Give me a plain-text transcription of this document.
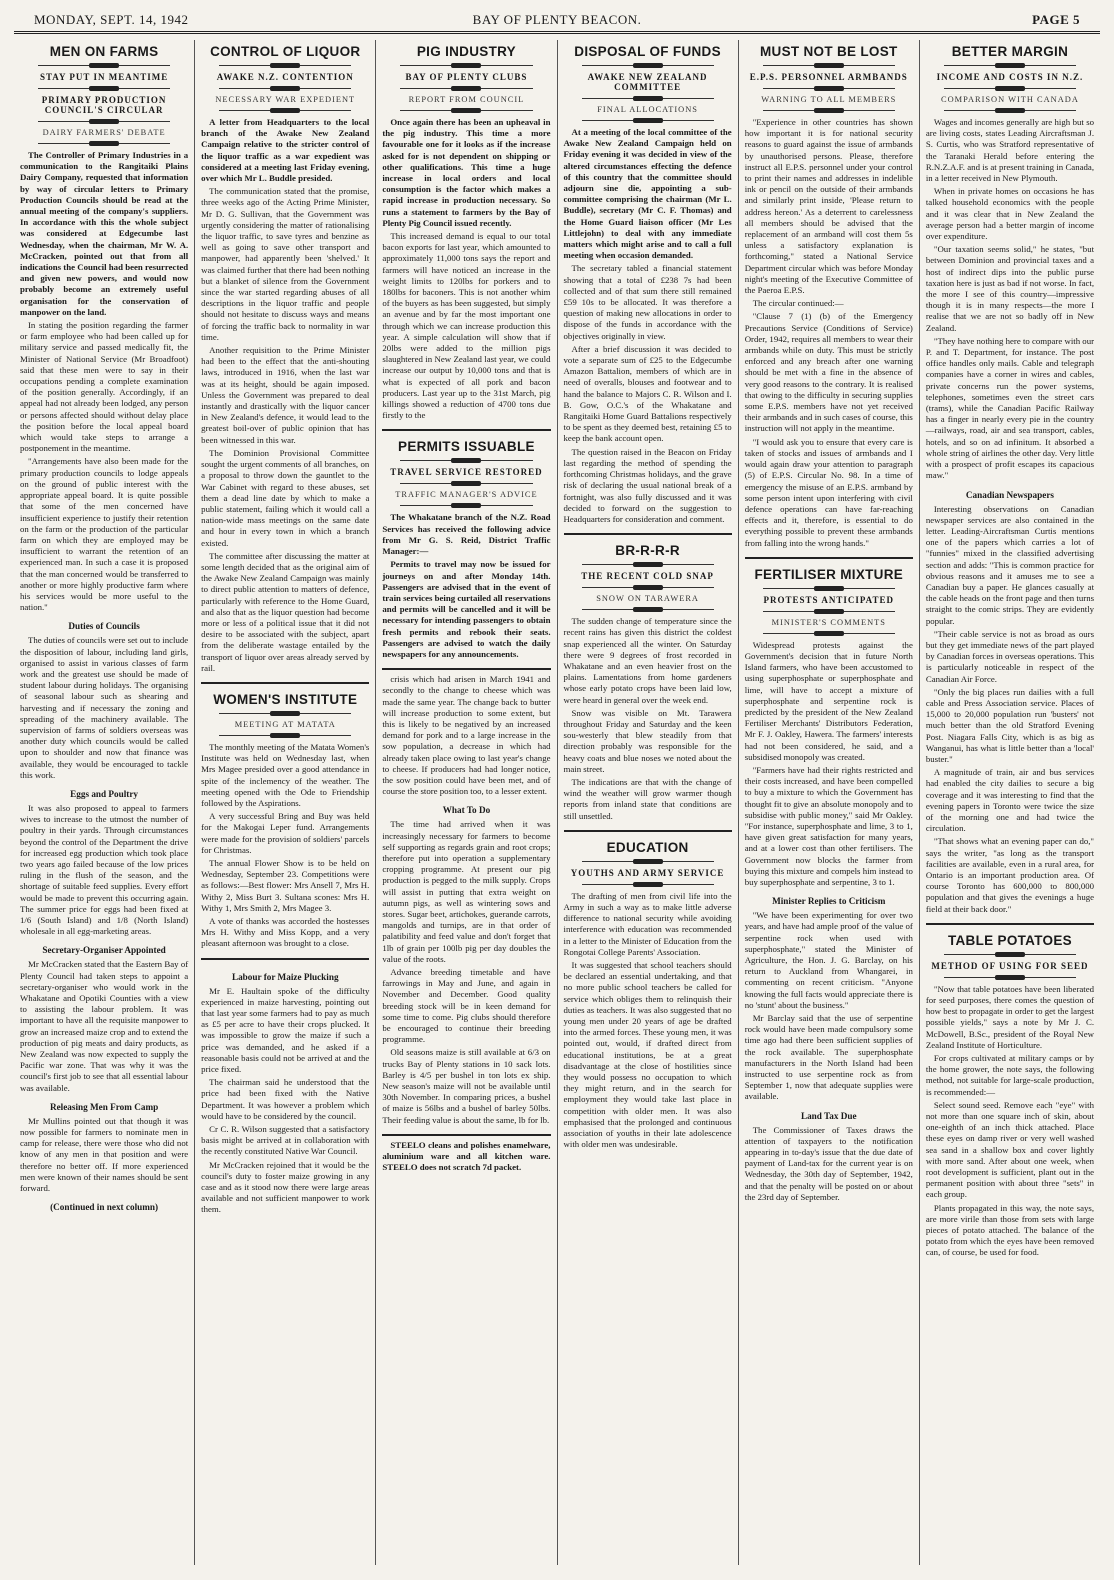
MONDAY, SEPT. 14, 1942	BAY OF PLENTY BEACON.	PAGE 5
MEN ON FARMS
STAY PUT IN MEANTIME
PRIMARY PRODUCTION COUNCIL'S CIRCULAR
DAIRY FARMERS' DEBATE

The Controller of Primary Industries in a communication to the Rangitaiki Plains Dairy Company, requested that information by way of circular letters to Primary Production Councils should be read at the annual meeting of the company's suppliers. In accordance with this the whole subject was considered at Edgecumbe last Wednesday, when the chairman, Mr W. A. McCracken, pointed out that from all indications the Council had been resurrected and given new powers, and would now probably become an extremely useful organisation for the conservation of manpower on the land.

In stating the position regarding the farmer or farm employee who had been called up for military service and passed medically fit, the Minister of National Service (Mr Broadfoot) said that these men were to say in their occupations pending a complete examination of the position generally. Accordingly, if an appeal had not already been lodged, any person or persons affected should without delay place the position before the local appeal board which would take steps to arrange a postponement in the meantime.

"Arrangements have also been made for the primary production councils to lodge appeals on the ground of public interest with the appropriate appeal board. It is quite possible that some of the men concerned have insufficient experience to justify their retention on the farm or the production of the particular farm on which they are employed may be insufficient to warrant the retention of an experienced man. In such a case it is proposed that the man concerned would be transferred to another or more highly productive farm where his services would be more useful to the nation."

Duties of Councils

The duties of councils were set out to include the disposition of labour, including land girls, organised to assist in various classes of farm work and the greatest use should be made of student labour during holidays. The organising of seasonal labour such as shearing and harvesting and if necessary the zoning and spreading of the machinery available. The supervision of farms of soldiers overseas was another duty which councils would be called upon to shoulder and now that finance was available, they would be encouraged to tackle this work.

Eggs and Poultry

It was also proposed to appeal to farmers wives to increase to the utmost the number of poultry in their yards. Through circumstances beyond the control of the Department the drive for increased egg production which took place two years ago failed because of the low prices ruling in the flush of the season, and the shortage of suitable feed supplies. Every effort would be made to prevent this occurring again. The summer price for eggs had been fixed at 1/6 (South Island) and 1/8 (North Island) wholesale in all egg-marketing areas.

Secretary-Organiser Appointed

Mr McCracken stated that the Eastern Bay of Plenty Council had taken steps to appoint a secretary-organiser who would work in the Whakatane and Opotiki Counties with a view to assisting the labour problem. It was important to have all the requisite manpower to grow an increased maize crop and to extend the production of pig meats and dairy products, as New Zealand was now expected to supply the Pacific war zone. That was why it was the council's first job to see that all essential labour was available.

Releasing Men From Camp

Mr Mullins pointed out that though it was now possible for farmers to nominate men in camp for release, there were those who did not know of any men in that position and were therefore no better off. If more experienced men were known of their names should be sent forward.

(Continued in next column)
CONTROL OF LIQUOR
AWAKE N.Z. CONTENTION
NECESSARY WAR EXPEDIENT

A letter from Headquarters to the local branch of the Awake New Zealand Campaign relative to the stricter control of the liquor traffic as a war expedient was considered at a meeting last Friday evening, over which Mr L. Buddle presided.

The communication stated that the promise, three weeks ago of the Acting Prime Minister, Mr D. G. Sullivan, that the Government was urgently considering the matter of rationalising the liquor traffic, to save tyres and benzine as well as going to save other transport and manpower, had apparently been 'shelved.' It was claimed further that there had been nothing but a blanket of silence from the Government since the war started regarding abuses of all descriptions in the liquor traffic and people should not hesitate to discuss ways and means of forcing the traffic back to normality in war time.

Another requisition to the Prime Minister had been to the effect that the anti-shouting laws, introduced in 1916, when the last war was at its height, should be again imposed. Unless the Government was prepared to deal instantly and drastically with the liquor cancer in New Zealand's defence, it would lead to the greatest boil-over of public opinion that has been witnessed in this war.

The Dominion Provisional Committee sought the urgent comments of all branches, on a proposal to throw down the gauntlet to the War Cabinet with regard to these abuses, set them a dead line date by which to make a public statement, failing which it would call a nation-wide mass meetings on the same date and hour in every town in which a branch existed.

The committee after discussing the matter at some length decided that as the original aim of the Awake New Zealand Campaign was mainly to direct public attention to matters of defence, particularly with reference to the Home Guard, and also that as the liquor question had become more or less of a political issue that it did not desire to be associated with the subject, apart from the deliberate wastage entailed by the transport of liquor over areas already served by rail.

WOMEN'S INSTITUTE
MEETING AT MATATA

The monthly meeting of the Matata Women's Institute was held on Wednesday last, when Mrs Magee presided over a good attendance in spite of the inclemency of the weather. The meeting opened with the Ode to Friendship followed by the Aspirations.

A very successful Bring and Buy was held for the Makogai Leper fund. Arrangements were made for the provision of soldiers' parcels for Christmas.

The annual Flower Show is to be held on Wednesday, September 23. Competitions were as follows:—Best flower: Mrs Ansell 7, Mrs H. Withy 2, Miss Burt 3. Sultana scones: Mrs H. Withy 1, Mrs Smith 2, Mrs Magee 3.

A vote of thanks was accorded the hostesses Mrs H. Withy and Miss Kopp, and a very pleasant afternoon was brought to a close.

Labour for Maize Plucking

Mr E. Haultain spoke of the difficulty experienced in maize harvesting, pointing out that last year some farmers had to pay as much as £5 per acre to have their crops plucked. It was impossible to grow the maize if such a price was demanded, and he asked if a reasonable basis could not be arrived at and the price fixed.

The chairman said he understood that the price had been fixed with the Native Department. It was however a problem which would have to be considered by the council.

Cr C. R. Wilson suggested that a satisfactory basis might be arrived at in collaboration with the recently constituted Native War Council.

Mr McCracken rejoined that it would be the council's duty to foster maize growing in any case and as it stood now there were large areas available and not sufficient manpower to work them.

PIG INDUSTRY
BAY OF PLENTY CLUBS
REPORT FROM COUNCIL

Once again there has been an upheaval in the pig industry. This time a more favourable one for it looks as if the increase asked for is not dependent on shipping or other qualifications. This time a huge increase in local orders and local consumption is the factor which makes a rapid increase in production necessary. So runs a statement to farmers by the Bay of Plenty Pig Council issued recently.

This increased demand is equal to our total bacon exports for last year, which amounted to approximately 11,000 tons says the report and farmers will have noticed an increase in the weight limits to 120lbs for porkers and to 180lbs for baconers. This is not another whim of the buyers as has been suggested, but simply an avenue and by far the most important one through which we can increase production this year. A simple calculation will show that if 20lbs were added to the million pigs slaughtered in New Zealand last year, we could increase our output by 10,000 tons and that is what is expected of all pork and bacon producers. Last year up to the 31st March, pig killings showed a reduction of 4700 tons due firstly to the

PERMITS ISSUABLE
TRAVEL SERVICE RESTORED
TRAFFIC MANAGER'S ADVICE

The Whakatane branch of the N.Z. Road Services has received the following advice from Mr G. S. Reid, District Traffic Manager:—

Permits to travel may now be issued for journeys on and after Monday 14th. Passengers are advised that in the event of train services being curtailed all reservations and permits will be cancelled and it will be necessary for intending passengers to obtain fresh permits and rebook their seats. Passengers are advised to watch the daily newspapers for any announcements.

crisis which had arisen in March 1941 and secondly to the change to cheese which was made the same year. The change back to butter will increase production to some extent, but this is likely to be negatived by an increased demand for pork and to a large increase in the sow population, a decrease in which had already taken place owing to last year's change to cheese. If producers had had longer notice, the sow position could have been met, and of course the store position too, to a lesser extent.

What To Do

The time had arrived when it was increasingly necessary for farmers to become self supporting as regards grain and root crops; therefore put into operation a supplementary cropping programme. At present our pig production is pegged to the milk supply. Crops will assist in putting that extra weight on autumn pigs, as well as wintering sows and stores. Sugar beet, artichokes, guerande carrots, mangolds and turnips, are in that order of palatibility and feed value and don't forget that 1lb of grain per 100lb pig per day doubles the value of the roots.

Advance breeding timetable and have farrowings in May and June, and again in November and December. Good quality breeding stock will be in keen demand for some time to come. Pig clubs should therefore be encouraged to continue their breeding programme.

Old seasons maize is still available at 6/3 on trucks Bay of Plenty stations in 10 sack lots. Barley is 4/5 per bushel in ton lots ex ship. New season's maize will not be available until 30th November. In comparing prices, a bushel of maize is 56lbs and a bushel of barley 50lbs. Their feeding value is about the same, lb for lb.

STEELO cleans and polishes enamelware, aluminium ware and all kitchen ware. STEELO does not scratch 7d packet.

DISPOSAL OF FUNDS
AWAKE NEW ZEALAND COMMITTEE
FINAL ALLOCATIONS

At a meeting of the local committee of the Awake New Zealand Campaign held on Friday evening it was decided in view of the altered circumstances effecting the defence of this country that the committee should adjourn sine die, appointing a sub-committee comprising the chairman (Mr L. Buddle), secretary (Mr C. F. Thomas) and the Home Guard liaison officer (Mr Les Littlejohn) to deal with any immediate matters which might arise and to call a full meeting when occasion demanded.

The secretary tabled a financial statement showing that a total of £238 7s had been collected and of that sum there still remained £59 10s to be allocated. It was therefore a question of making new allocations in order to dispose of the funds in accordance with the objectives originally in view.

After a brief discussion it was decided to vote a separate sum of £25 to the Edgecumbe Amazon Battalion, members of which are in need of overalls, blouses and footwear and to hand the balance to Majors C. R. Wilson and I. B. Gow, O.C.'s of the Whakatane and Rangitaiki Home Guard Battalions respectively to be spent as they deemed best, retaining £5 to keep the bank account open.

The question raised in the Beacon on Friday last regarding the method of spending the forthcoming Christmas holidays, and the grave risk of declaring the usual national break of a fortnight, was also fully discussed and it was decided to forward on the suggestion to Headquarters for consideration and comment.

BR-R-R-R
THE RECENT COLD SNAP
SNOW ON TARAWERA

The sudden change of temperature since the recent rains has given this district the coldest snap experienced all the winter. On Saturday there were 9 degrees of frost recorded in Whakatane and an even heavier frost on the plains. Lamentations from home gardeners whose early potato crops have been laid low, were heard in general over the week end.

Snow was visible on Mt. Tarawera throughout Friday and Saturday and the keen sou-westerly that blew steadily from that direction probably was responsible for the heavy coats and blue noses we noted about the main street.

The indications are that with the change of wind the weather will grow warmer though reports from inland state that conditions are still unsettled.

EDUCATION
YOUTHS AND ARMY SERVICE

The drafting of men from civil life into the Army in such a way as to make little adverse difference to national security while avoiding interference with education was recommended in a letter to the Minister of Education from the Rongotai College Parents' Association.

It was suggested that school teachers should be declared an essential undertaking, and that no more public school teachers be called for service which obliges them to relinquish their duties as teachers. It was also suggested that no young men under 20 years of age be drafted into the armed forces. These young men, it was pointed out, would, if drafted direct from educational institutions, be at a great disadvantage at the close of hostilities since they would possess no occupation to which they might return, and in the search for employment they would take last place in competition with older men. It was also emphasised that the prolonged and continuous association of youths in their late adolescence with older men was undesirable.

MUST NOT BE LOST
E.P.S. PERSONNEL ARMBANDS
WARNING TO ALL MEMBERS

"Experience in other countries has shown how important it is for national security reasons to guard against the issue of armbands by unauthorised persons. Please, therefore instruct all E.P.S. personnel under your control to print their names and addresses in indelible ink or pencil on the outside of their armbands and similarly print inside, 'Please return to address hereon.' As a deterrent to carelessness all members should be advised that the replacement of an armband will cost them 5s unless a satisfactory explanation is forthcoming," stated a National Service Department circular which was before Monday night's meeting of the Executive Committee of the Paeroa E.P.S.

The circular continued:—

"Clause 7 (1) (b) of the Emergency Precautions Service (Conditions of Service) Order, 1942, requires all members to wear their armbands while on duty. This must be strictly enforced and any breach after one warning should be met with a fine in the absence of very good reasons to the contrary. It is realised that owing to the difficulty in securing supplies some E.P.S. members have not yet received their armbands and in such cases of course, this instruction will not apply in the meantime.

"I would ask you to ensure that every care is taken of stocks and issues of armbands and I would again draw your attention to paragraph (5) of E.P.S. Circular No. 98. In a time of emergency the misuse of an E.P.S. armband by some person intent upon interfering with civil defence operations can have far-reaching effects and it, therefore, is essential to do everything possible to prevent these armbands from falling into the wrong hands."

FERTILISER MIXTURE
PROTESTS ANTICIPATED
MINISTER'S COMMENTS

Widespread protests against the Government's decision that in future North Island farmers, who have been accustomed to using superphosphate or superphosphate and lime, will have to accept a mixture of superphosphate and serpentine rock is predicted by the president of the New Zealand Fertiliser Merchants' Distributors Federation, Mr F. J. Oakley, Hawera. The farmers' interests had not been considered, he said, and a subsidised monopoly was created.

"Farmers have had their rights restricted and their costs increased, and have been compelled to buy a mixture to which the Government has thought fit to give an absolute monopoly and to subsidise with public money," said Mr Oakley. "For instance, superphosphate and lime, 3 to 1, have given great satisfaction for many years, and at a lower cost than other fertilisers. The Government now blocks the farmer from buying this mixture and compels him instead to buy superphosphate and serpentine, 3 to 1.

Minister Replies to Criticism

"We have been experimenting for over two years, and have had ample proof of the value of serpentine rock when used with superphosphate," stated the Minister of Agriculture, the Hon. J. G. Barclay, on his return to Auckland from Whangarei, in commenting on recent criticism. "Anyone knowing the full facts would appreciate there is no 'stunt' about the business."

Mr Barclay said that the use of serpentine rock would have been made compulsory some time ago had there been sufficient supplies of the rock available. The superphosphate manufacturers in the North Island had been instructed to use serpentine rock as from September 1, now that adequate supplies were available.

Land Tax Due

The Commissioner of Taxes draws the attention of taxpayers to the notification appearing in to-day's issue that the due date of payment of Land-tax for the current year is on Wednesday, the 30th day of September, 1942, and that the penalty will be posted on or about the 23rd day of September.

BETTER MARGIN
INCOME AND COSTS IN N.Z.
COMPARISON WITH CANADA

Wages and incomes generally are high but so are living costs, states Leading Aircraftsman J. S. Curtis, who was Stratford representative of the Taranaki Herald before entering the R.N.Z.A.F. and is at present training in Canada, in a letter received in New Plymouth.

When in private homes on occasions he has talked household economics with the people and it was clear that in New Zealand the average person had a better margin of income over expenditure.

"Our taxation seems solid," he states, "but between Dominion and provincial taxes and a host of indirect dips into the public purse taxation here is just as bad if not worse. In fact, the more I see of this country—impressive though it is in many respects—the more I realise that we are not so badly off in New Zealand.

"They have nothing here to compare with our P. and T. Department, for instance. The post office handles only mails. Cable and telegraph companies have a corner in wires and cables, private concerns run the power systems, telephones, sometimes even the street cars (trams), while the Canadian Pacific Railway has a finger in nearly every pie in the country—railways, road, air and sea transport, cables, hotels, and so on ad infinitum. It absorbed a whole string of airlines the other day. Very little with a prospect of profit escapes its capacious maw."

Canadian Newspapers

Interesting observations on Canadian newspaper services are also contained in the letter. Leading-Aircraftsman Curtis mentions one of the papers which carries a lot of "funnies" mixed in the classified advertising section and adds: "This is common practice for obvious reasons and it amuses me to see a Canadian buy a paper. He glances casually at the cable heads on the front page and then turns straight to the comic strips. They are evidently popular.

"Their cable service is not as broad as ours but they get immediate news of the part played by Canadian forces in overseas operations. This is particularly noticeable in respect of the Canadian Air Force.

"Only the big places run dailies with a full cable and Press Association service. Places of 15,000 to 20,000 population run 'busters' not much better than the old Stratford Evening Post. Niagara Falls City, which is as big as Wanganui, has what is little better than a 'local' buster."

A magnitude of train, air and bus services had enabled the city dailies to secure a big coverage and it was interesting to find that the evening papers in Toronto were twice the size of the morning one and had twice the circulation.

"That shows what an evening paper can do," says the writer, "as long as the transport facilities are available, even in a rural area, for Ontario is an important production area. Of course Toronto has 600,000 to 800,000 population and that gives the evenings a huge field at their back door."

TABLE POTATOES
METHOD OF USING FOR SEED

"Now that table potatoes have been liberated for seed purposes, there comes the question of how best to propagate in order to get the largest possible yields," says a note by Mr J. C. McDowell, B.Sc., president of the Royal New Zealand Institute of Horticulture.

For crops cultivated at military camps or by the home grower, the note says, the following method, not suitable for large-scale production, is recommended:—

Select sound seed. Remove each "eye" with not more than one square inch of skin, about one-eighth of an inch thick attached. Place these eyes on damp river or very well washed sea sand in a shallow box and cover lightly with more sand. After about one week, when root development is sufficient, plant out in the permanent position with about three "sets" in each group.

Plants propagated in this way, the note says, are more virile than those from sets with large pieces of potato attached. The balance of the potato from which the eyes have been removed can, of course, be used for food.
